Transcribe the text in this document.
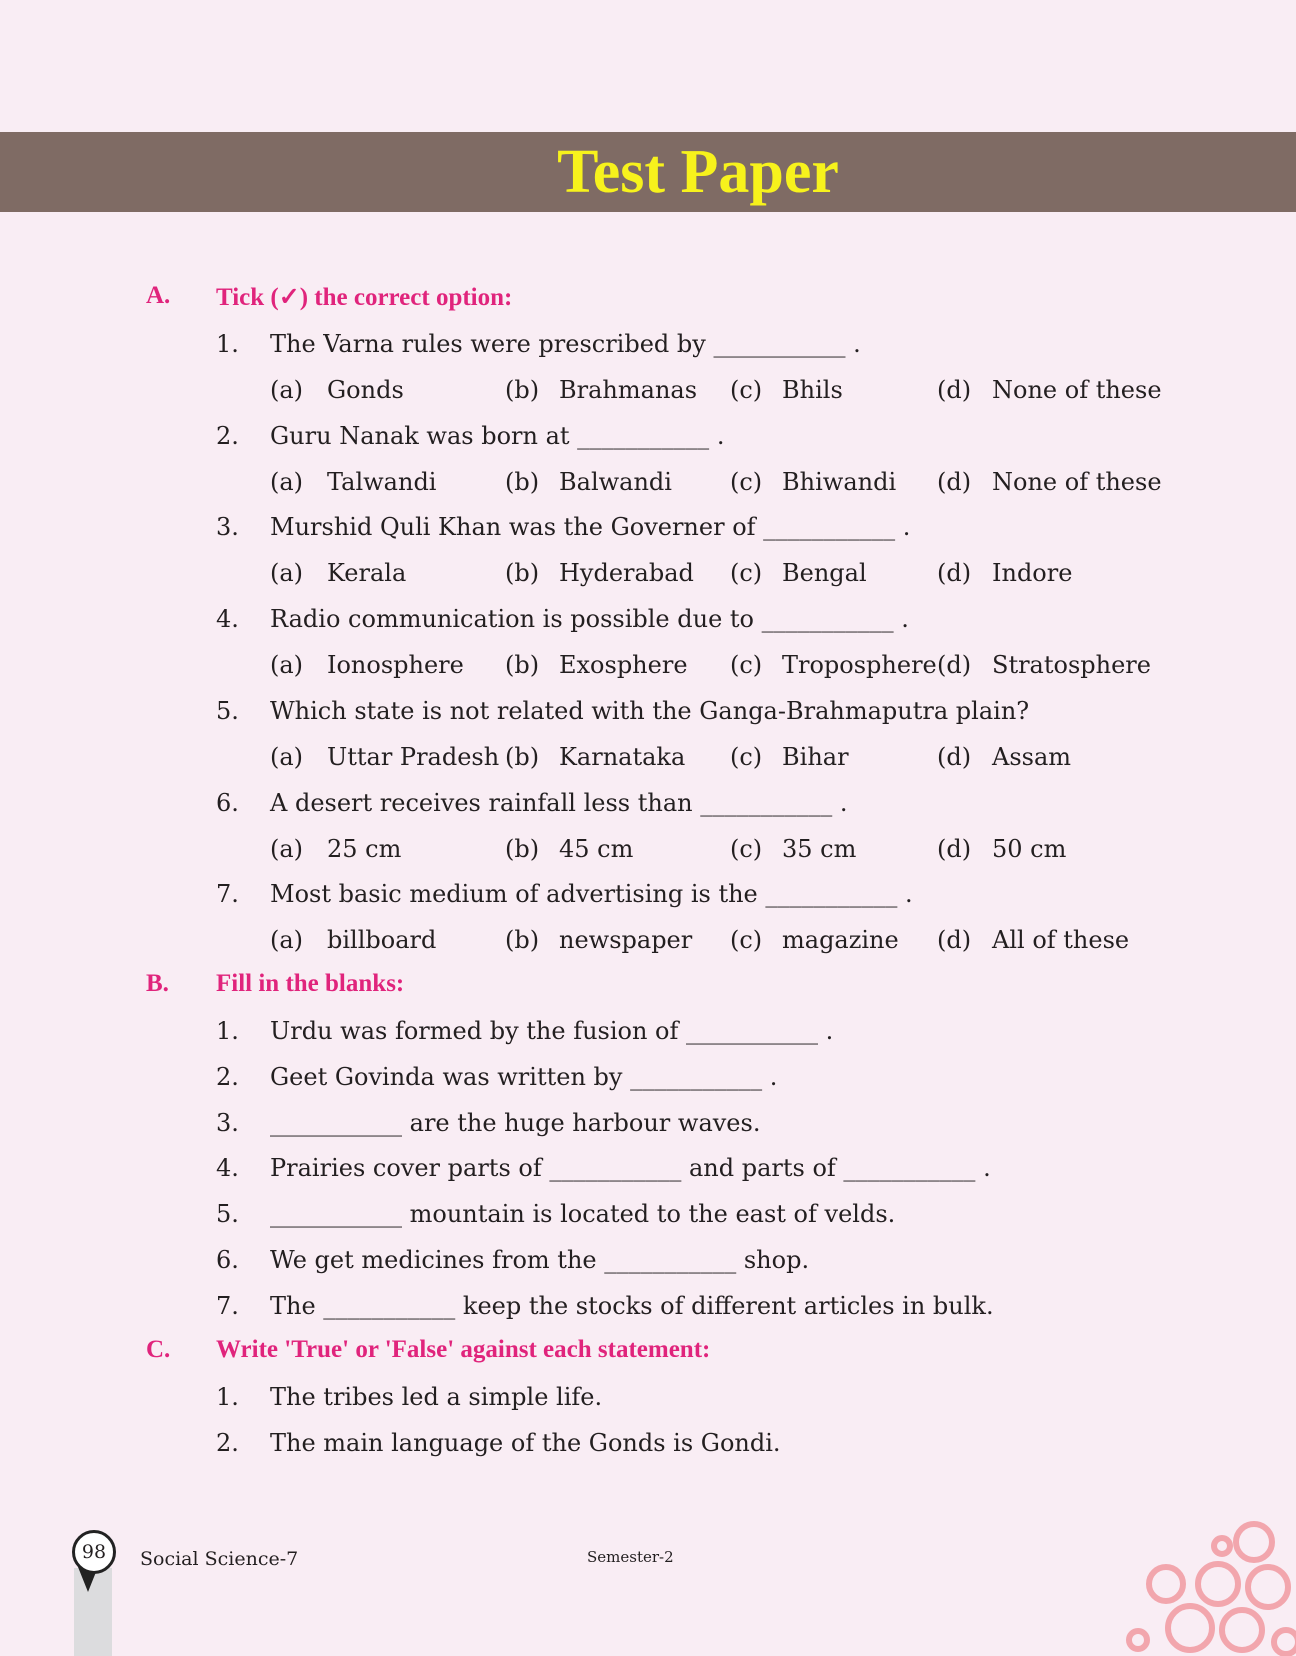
Test Paper
A. Tick (✓) the correct option:
1. The Varna rules were prescribed by ___________ .
(a) Gonds	(b) Brahmanas (c) Bhils	(d) None of these
2. Guru Nanak was born at ___________ .
(a) Talwandi	(b) Balwandi (c) Bhiwandi (d) None of these
3. Murshid Quli Khan was the Governer of ___________ .
(a) Kerala	(b) Hyderabad (c) Bengal	(d) Indore
4. Radio communication is possible due to ___________ .
(a) Ionosphere (b) Exosphere (c) Troposphere (d) Stratosphere
5. Which state is not related with the Ganga-Brahmaputra plain?
(a) Uttar Pradesh (b) Karnataka (c) Bihar	(d) Assam
6. A desert receives rainfall less than ___________ .
(a) 25 cm	(b) 45 cm	(c) 35 cm	(d) 50 cm
7. Most basic medium of advertising is the ___________ .
(a) billboard	(b) newspaper (c) magazine (d) All of these
B. Fill in the blanks:
1. Urdu was formed by the fusion of ___________ .
2. Geet Govinda was written by ___________ .
3. ___________ are the huge harbour waves.
4. Prairies cover parts of ___________ and parts of ___________ .
5. ___________ mountain is located to the east of velds.
6. We get medicines from the ___________ shop.
7. The ___________ keep the stocks of different articles in bulk.
C. Write 'True' or 'False' against each statement:
1. The tribes led a simple life.
2. The main language of the Gonds is Gondi.
98	Social Science-7	Semester-2
